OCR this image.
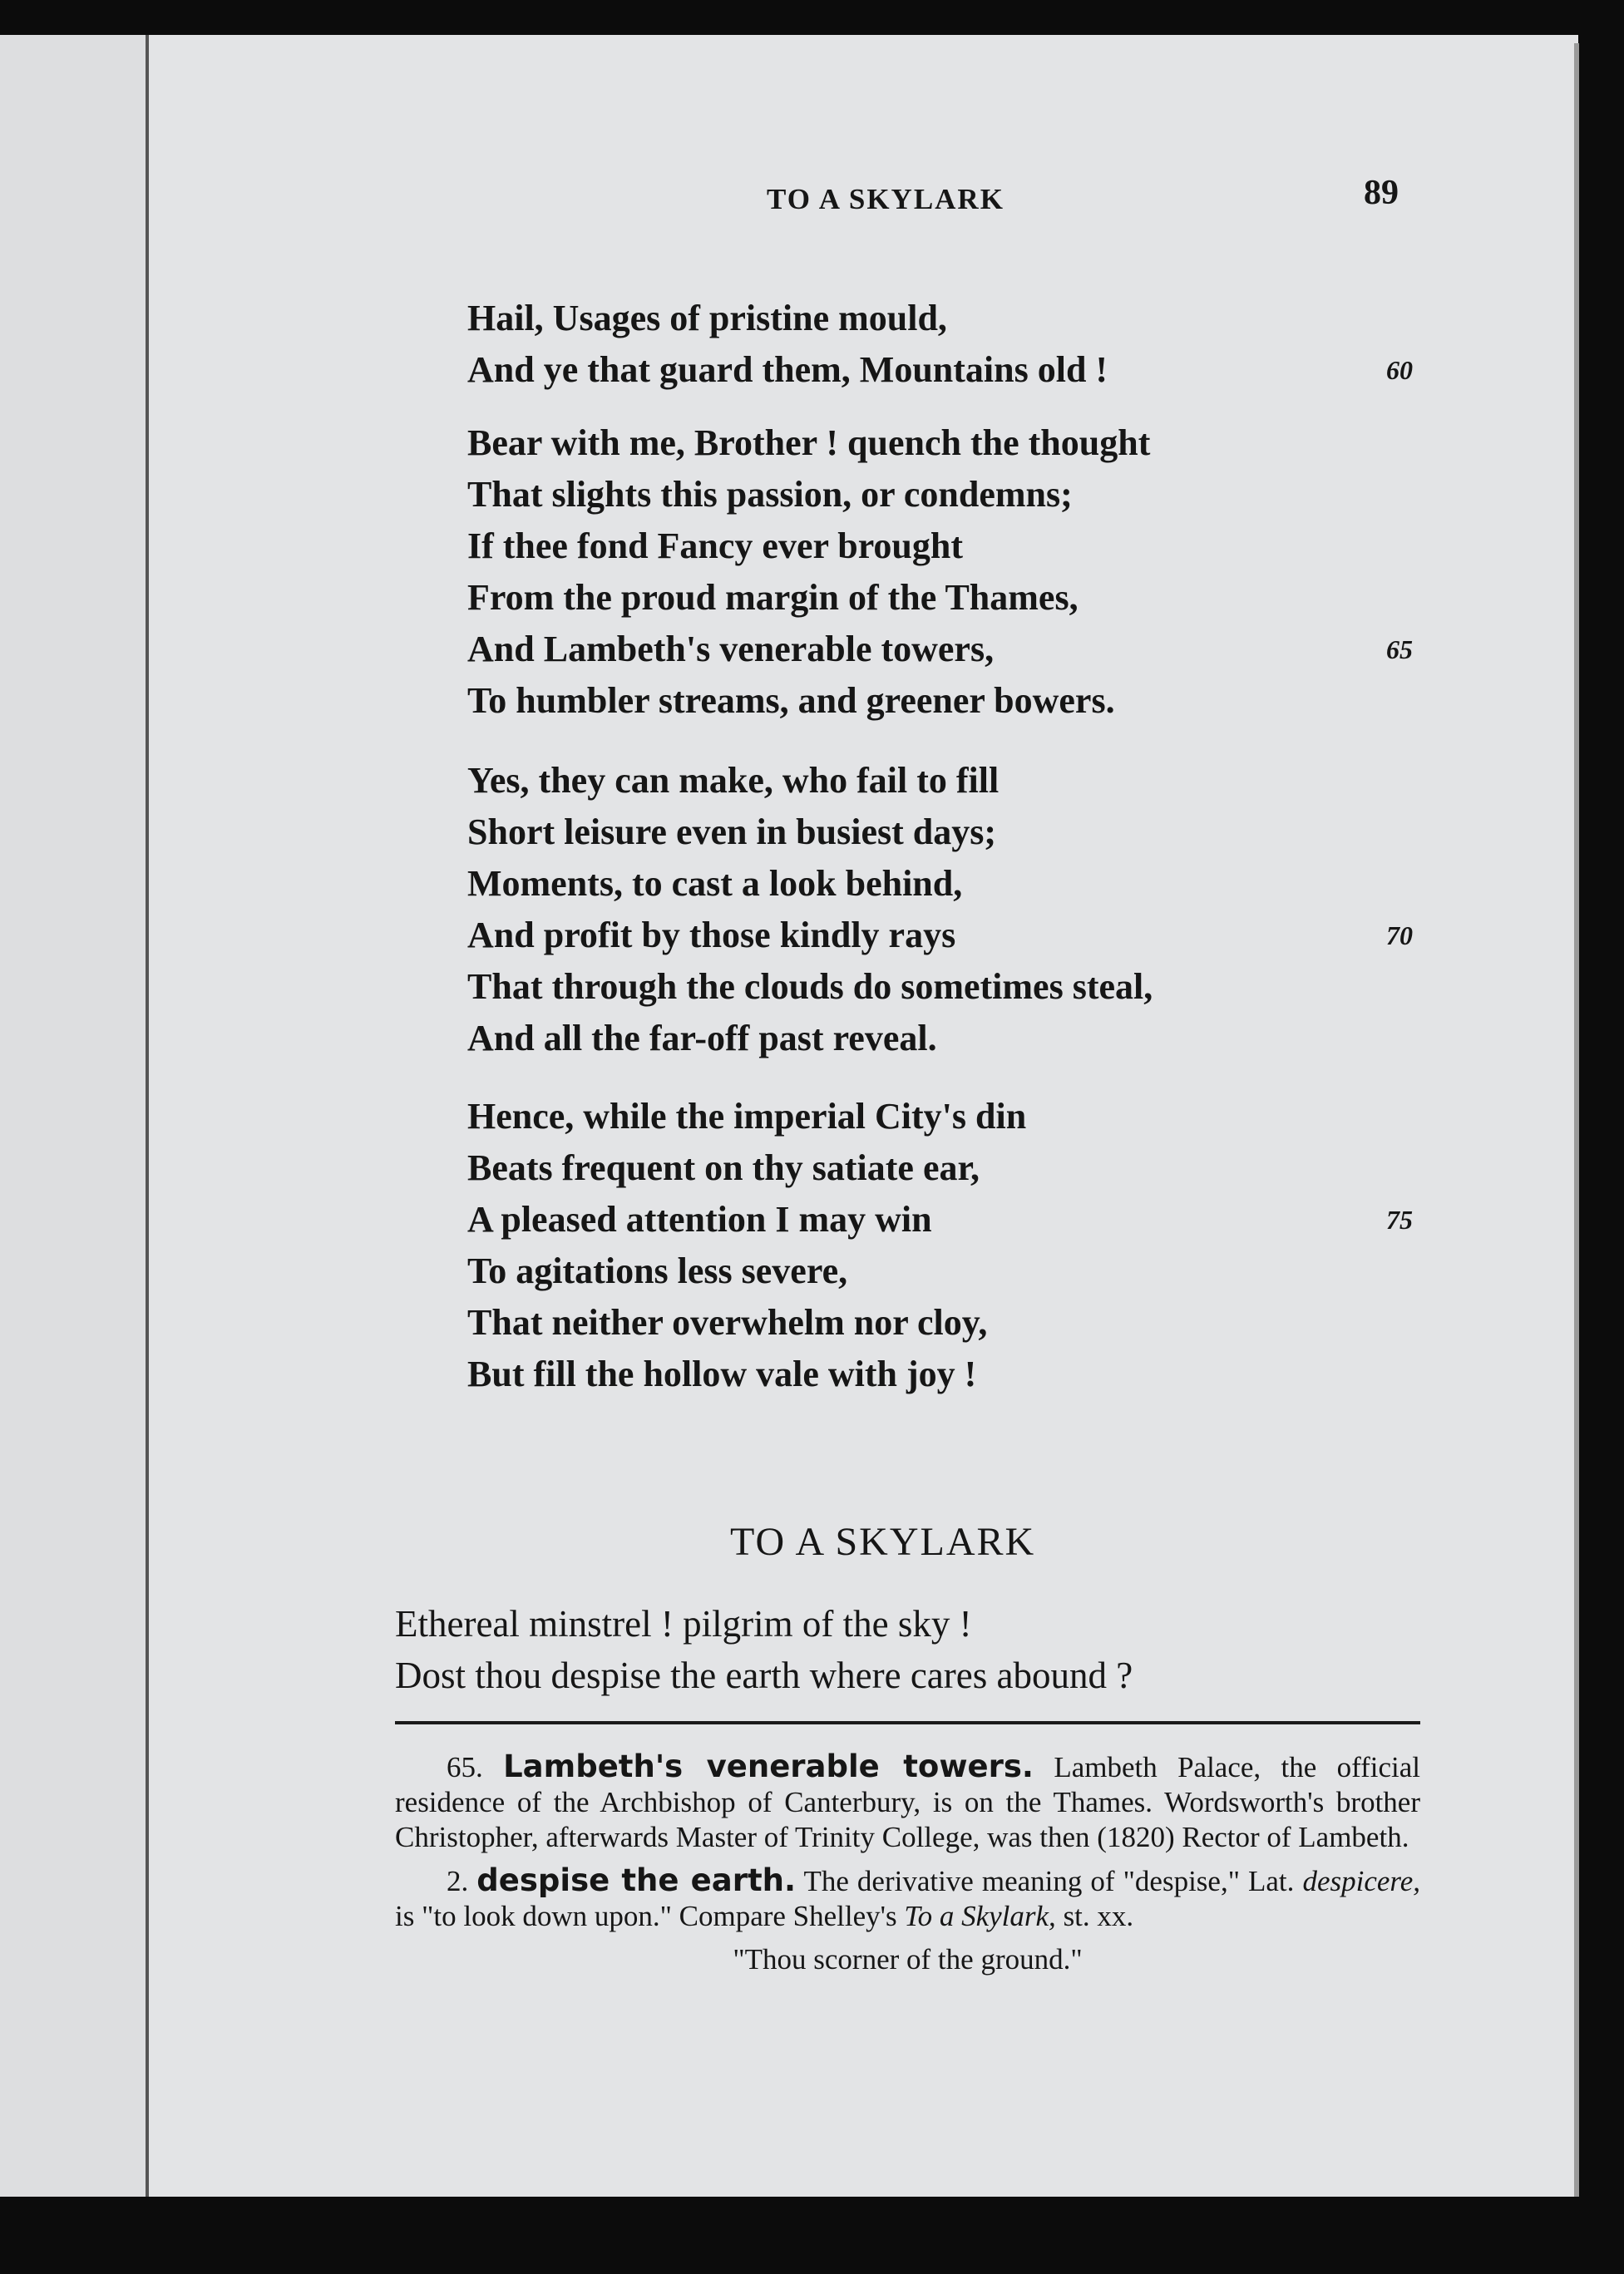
TO A SKYLARK	89
Hail, Usages of pristine mould,
And ye that guard them, Mountains old !	60
Bear with me, Brother ! quench the thought
That slights this passion, or condemns;
If thee fond Fancy ever brought
From the proud margin of the Thames,
And Lambeth's venerable towers,	65
To humbler streams, and greener bowers.
Yes, they can make, who fail to fill
Short leisure even in busiest days;
Moments, to cast a look behind,
And profit by those kindly rays	70
That through the clouds do sometimes steal,
And all the far-off past reveal.
Hence, while the imperial City's din
Beats frequent on thy satiate ear,
A pleased attention I may win	75
To agitations less severe,
That neither overwhelm nor cloy,
But fill the hollow vale with joy !
TO A SKYLARK
Ethereal minstrel ! pilgrim of the sky !
Dost thou despise the earth where cares abound ?

65. Lambeth's venerable towers. Lambeth Palace, the official residence of the Archbishop of Canterbury, is on the Thames. Wordsworth's brother Christopher, afterwards Master of Trinity College, was then (1820) Rector of Lambeth.

2. despise the earth. The derivative meaning of "despise," Lat. despicere, is "to look down upon." Compare Shelley's To a Skylark, st. xx.

"Thou scorner of the ground."
